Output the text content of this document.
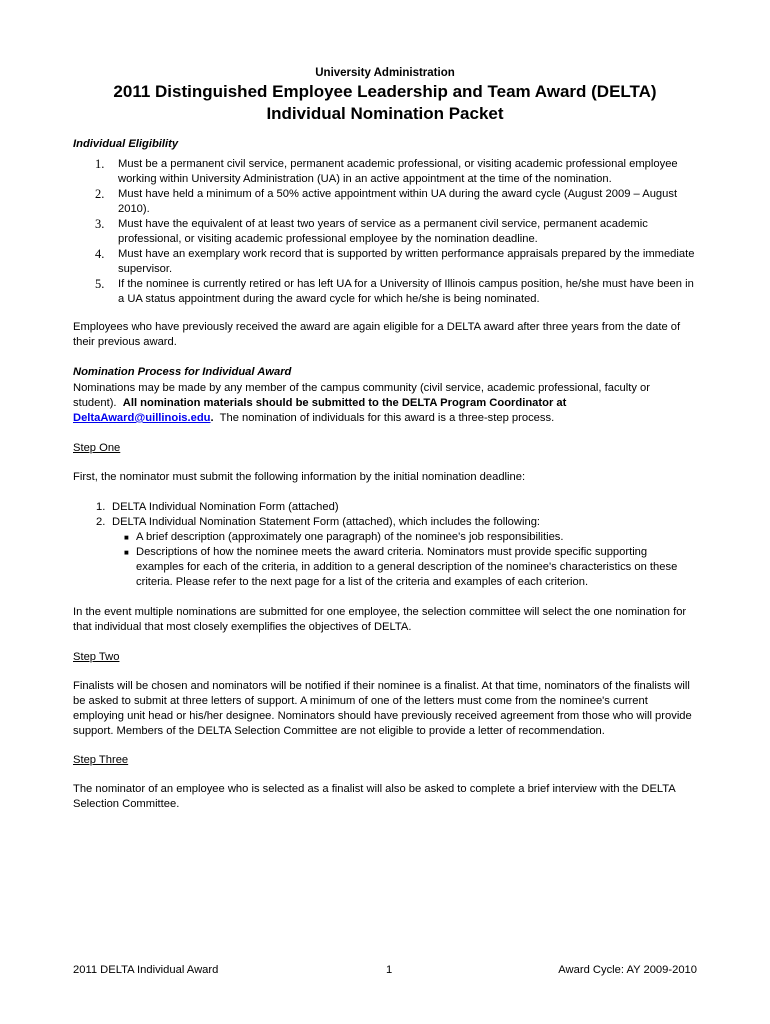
University Administration

2011 Distinguished Employee Leadership and Team Award (DELTA)

Individual Nomination Packet

Individual Eligibility

1. Must be a permanent civil service, permanent academic professional, or visiting academic professional employee working within University Administration (UA) in an active appointment at the time of the nomination.
2. Must have held a minimum of a 50% active appointment within UA during the award cycle (August 2009 – August 2010).
3. Must have the equivalent of at least two years of service as a permanent civil service, permanent academic professional, or visiting academic professional employee by the nomination deadline.
4. Must have an exemplary work record that is supported by written performance appraisals prepared by the immediate supervisor.
5. If the nominee is currently retired or has left UA for a University of Illinois campus position, he/she must have been in a UA status appointment during the award cycle for which he/she is being nominated.

Employees who have previously received the award are again eligible for a DELTA award after three years from the date of their previous award.

Nomination Process for Individual Award

Nominations may be made by any member of the campus community (civil service, academic professional, faculty or student). All nomination materials should be submitted to the DELTA Program Coordinator at DeltaAward@uillinois.edu. The nomination of individuals for this award is a three-step process.

Step One

First, the nominator must submit the following information by the initial nomination deadline:

1. DELTA Individual Nomination Form (attached)
2. DELTA Individual Nomination Statement Form (attached), which includes the following:
■ A brief description (approximately one paragraph) of the nominee's job responsibilities.
■ Descriptions of how the nominee meets the award criteria. Nominators must provide specific supporting examples for each of the criteria, in addition to a general description of the nominee's characteristics on these criteria. Please refer to the next page for a list of the criteria and examples of each criterion.

In the event multiple nominations are submitted for one employee, the selection committee will select the one nomination for that individual that most closely exemplifies the objectives of DELTA.

Step Two

Finalists will be chosen and nominators will be notified if their nominee is a finalist. At that time, nominators of the finalists will be asked to submit at three letters of support. A minimum of one of the letters must come from the nominee's current employing unit head or his/her designee. Nominators should have previously received agreement from those who will provide support. Members of the DELTA Selection Committee are not eligible to provide a letter of recommendation.

Step Three

The nominator of an employee who is selected as a finalist will also be asked to complete a brief interview with the DELTA Selection Committee.

2011 DELTA Individual Award	1	Award Cycle: AY 2009-2010
